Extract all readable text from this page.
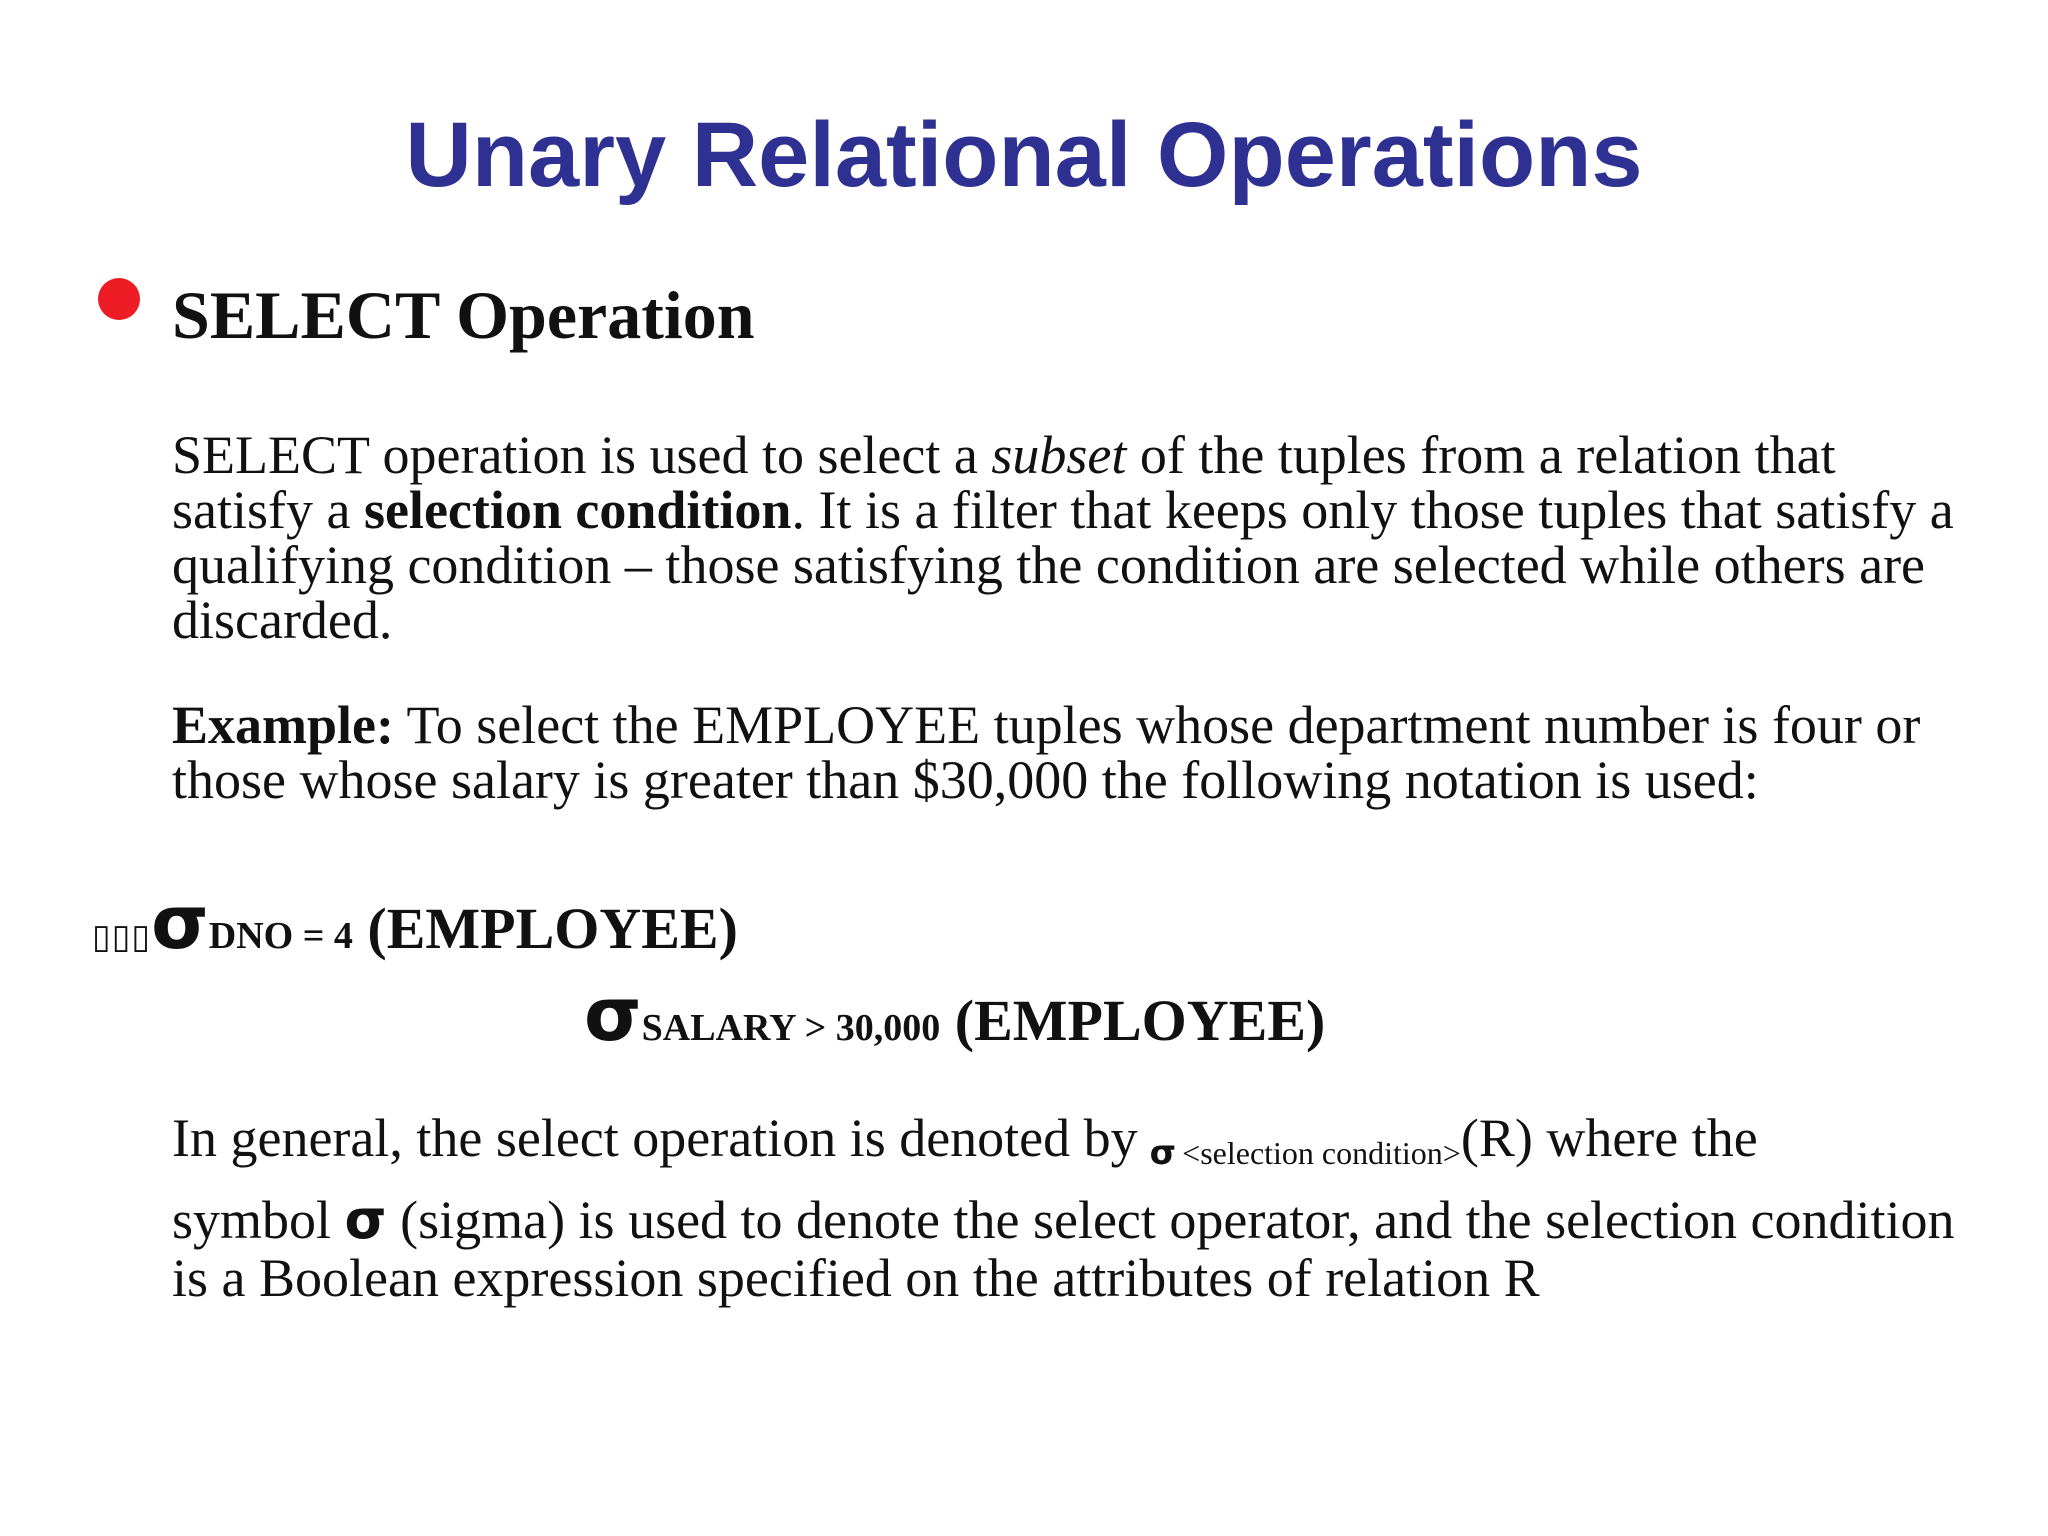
Unary Relational Operations
SELECT Operation

SELECT operation is used to select a subset of the tuples from a relation that satisfy a selection condition. It is a filter that keeps only those tuples that satisfy a qualifying condition – those satisfying the condition are selected while others are discarded.

Example: To select the EMPLOYEE tuples whose department number is four or those whose salary is greater than $30,000 the following notation is used:

▯▯▯σDNO = 4 (EMPLOYEE)
σSALARY > 30,000 (EMPLOYEE)

In general, the select operation is denoted by σ <selection condition>(R) where the
symbol σ (sigma) is used to denote the select operator, and the selection condition is a Boolean expression specified on the attributes of relation R
